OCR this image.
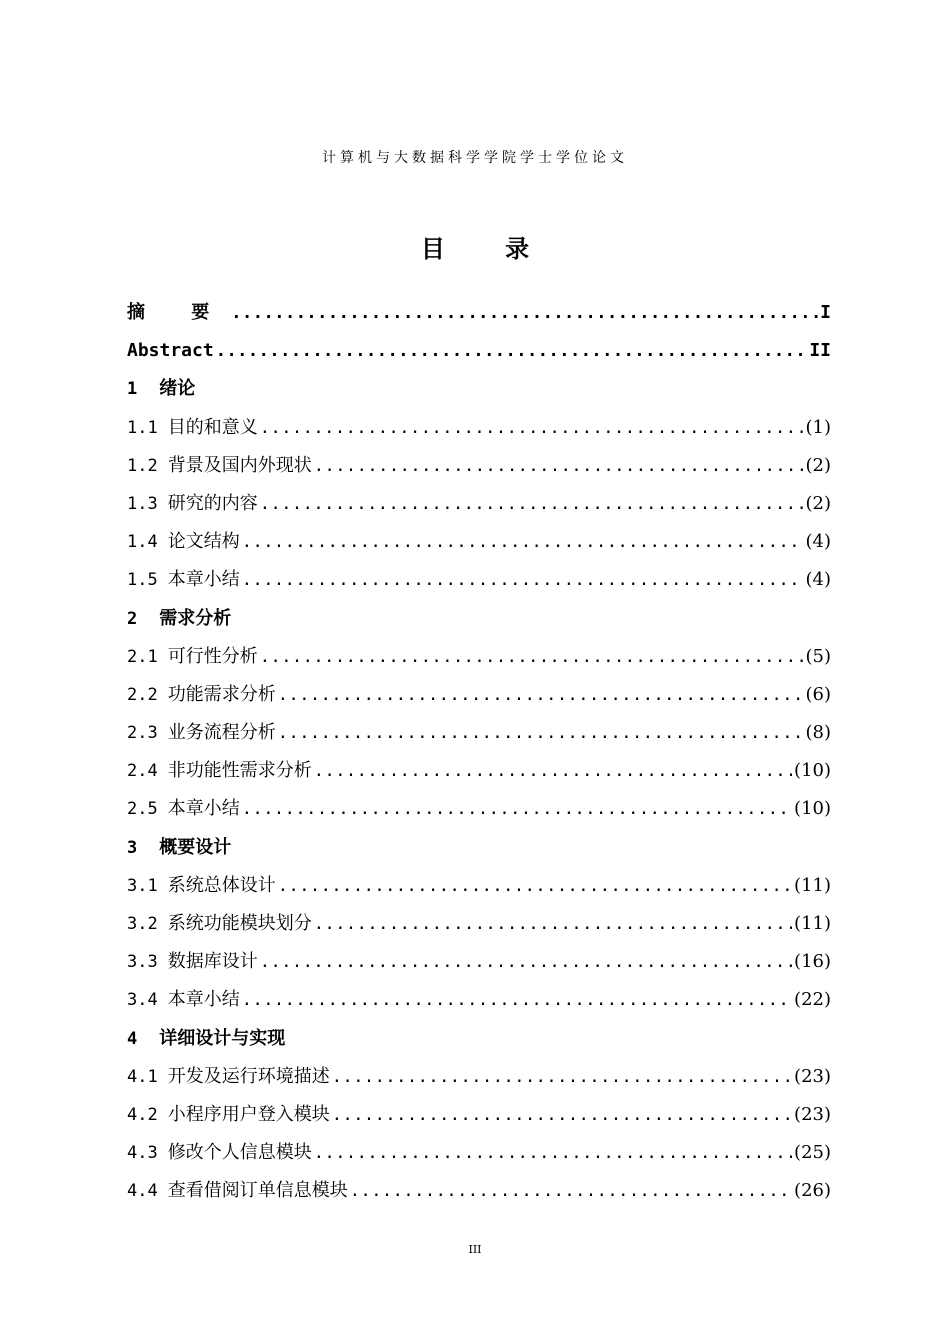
计算机与大数据科学学院学士学位论文
目 录
摘 要 .....	I
Abstract .....	II
1 绪论
1.1 目的和意义 .....	(1)
1.2 背景及国内外现状 .....	(2)
1.3 研究的内容 .....	(2)
1.4 论文结构 .....	(4)
1.5 本章小结 .....	(4)
2 需求分析
2.1 可行性分析 .....	(5)
2.2 功能需求分析 .....	(6)
2.3 业务流程分析 .....	(8)
2.4 非功能性需求分析 .....	(10)
2.5 本章小结 .....	(10)
3 概要设计
3.1 系统总体设计 .....	(11)
3.2 系统功能模块划分 .....	(11)
3.3 数据库设计 .....	(16)
3.4 本章小结 .....	(22)
4 详细设计与实现
4.1 开发及运行环境描述 .....	(23)
4.2 小程序用户登入模块 .....	(23)
4.3 修改个人信息模块 .....	(25)
4.4 查看借阅订单信息模块 .....	(26)
III
